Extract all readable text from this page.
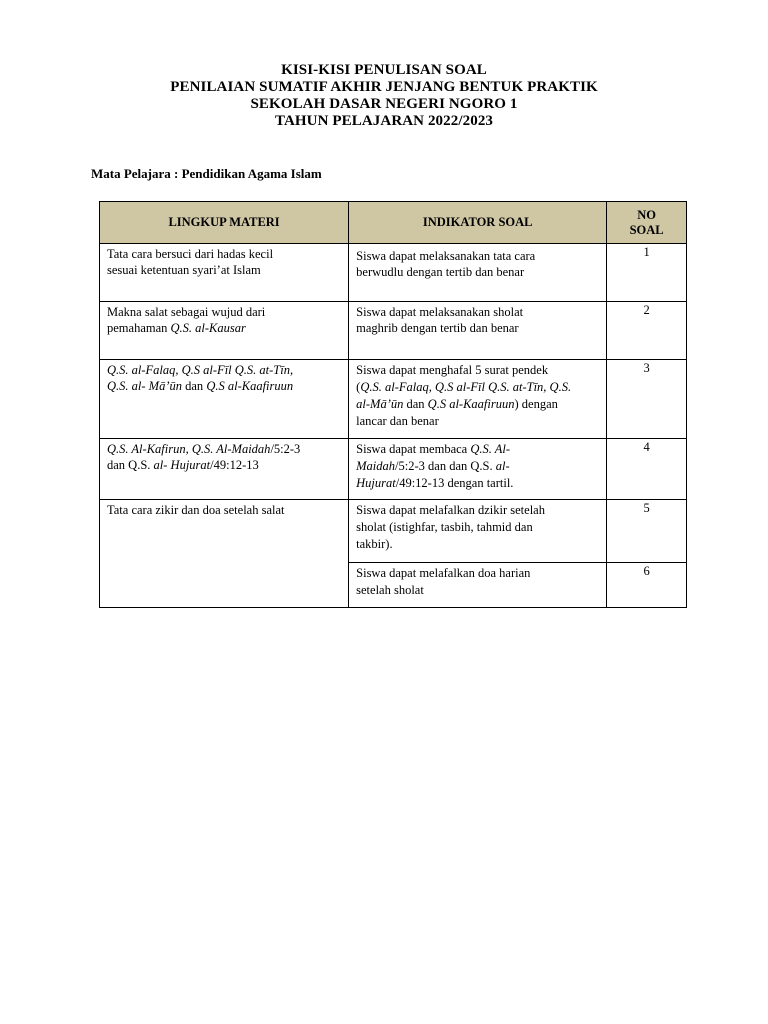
KISI-KISI PENULISAN SOAL
PENILAIAN SUMATIF AKHIR JENJANG BENTUK PRAKTIK
SEKOLAH DASAR NEGERI NGORO 1
TAHUN PELAJARAN 2022/2023
Mata Pelajara : Pendidikan Agama Islam
LINGKUP MATERI	INDIKATOR SOAL	NO
SOAL

Tata cara bersuci dari hadas kecil
sesuai ketentuan syari’at Islam	Siswa dapat melaksanakan tata cara
berwudlu dengan tertib dan benar	1

Makna salat sebagai wujud dari
pemahaman Q.S. al-Kausar	Siswa dapat melaksanakan sholat
maghrib dengan tertib dan benar	2

Q.S. al-Falaq, Q.S al-Fīl Q.S. at-Tīn,
Q.S. al- Mā’ūn dan Q.S al-Kaafiruun	Siswa dapat menghafal 5 surat pendek
(Q.S. al-Falaq, Q.S al-Fīl Q.S. at-Tīn, Q.S.
al-Mā’ūn dan Q.S al-Kaafiruun) dengan
lancar dan benar	3

Q.S. Al-Kafirun, Q.S. Al-Maidah/5:2-3
dan Q.S. al- Hujurat/49:12-13	Siswa dapat membaca Q.S. Al-
Maidah/5:2-3 dan dan Q.S. al-
Hujurat/49:12-13 dengan tartil.	4

Tata cara zikir dan doa setelah salat	Siswa dapat melafalkan dzikir setelah
sholat (istighfar, tasbih, tahmid dan
takbir).	5

	Siswa dapat melafalkan doa harian
setelah sholat	6
